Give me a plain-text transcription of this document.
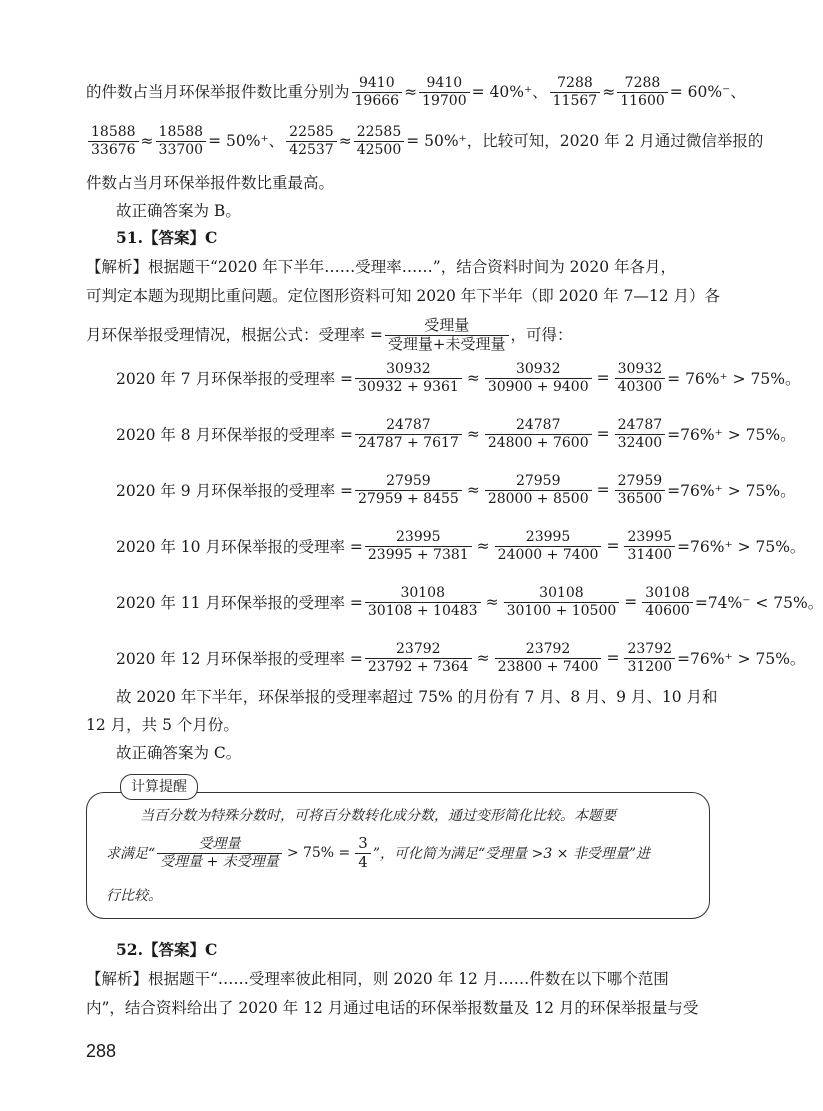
的件数占当月环保举报件数比重分别为 $\frac{9410}{19666} \approx \frac{9410}{19700} = 40\%^+$、 $\frac{7288}{11567} \approx \frac{7288}{11600} = 60\%^-$、
$\frac{18588}{33676} \approx \frac{18588}{33700} = 50\%^+$、 $\frac{22585}{42537} \approx \frac{22585}{42500} = 50\%^+$，比较可知，2020 年 2 月通过微信举报的
件数占当月环保举报件数比重最高。
故正确答案为 B。
51.【答案】C
【解析】根据题干“2020 年下半年……受理率……”，结合资料时间为 2020 年各月，
可判定本题为现期比重问题。定位图形资料可知 2020 年下半年（即 2020 年 7—12 月）各
月环保举报受理情况，根据公式：受理率 = $\frac{\text{受理量}}{\text{受理量+未受理量}}$ ，可得：
2020 年 7 月环保举报的受理率 = $\frac{30932}{30932 + 9361} \approx \frac{30932}{30900 + 9400} = \frac{30932}{40300} = 76\%^+ > 75\%$。
2020 年 8 月环保举报的受理率 = $\frac{24787}{24787 + 7617} \approx \frac{24787}{24800 + 7600} = \frac{24787}{32400} =76\%^+ > 75\%$。
2020 年 9 月环保举报的受理率 = $\frac{27959}{27959 + 8455} \approx \frac{27959}{28000 + 8500} = \frac{27959}{36500} =76\%^+ > 75\%$。
2020 年 10 月环保举报的受理率 = $\frac{23995}{23995 + 7381} \approx \frac{23995}{24000 + 7400} = \frac{23995}{31400} =76\%^+ > 75\%$。
2020 年 11 月环保举报的受理率 = $\frac{30108}{30108 + 10483} \approx \frac{30108}{30100 + 10500} = \frac{30108}{40600} =74\%^- < 75\%$。
2020 年 12 月环保举报的受理率 = $\frac{23792}{23792 + 7364} \approx \frac{23792}{23800 + 7400} = \frac{23792}{31200} =76\%^+ > 75\%$。
故 2020 年下半年，环保举报的受理率超过 75% 的月份有 7 月、8 月、9 月、10 月和
12 月，共 5 个月份。
故正确答案为 C。
计算提醒
当百分数为特殊分数时，可将百分数转化成分数，通过变形简化比较。本题要
求满足“ $\frac{\text{受理量}}{\text{受理量 + 未受理量}} > 75\% = \frac{3}{4}$ ”，可化简为满足“受理量 >3 × 非受理量”进
行比较。
52.【答案】C
【解析】根据题干“……受理率彼此相同，则 2020 年 12 月……件数在以下哪个范围
内”，结合资料给出了 2020 年 12 月通过电话的环保举报数量及 12 月的环保举报量与受
288
